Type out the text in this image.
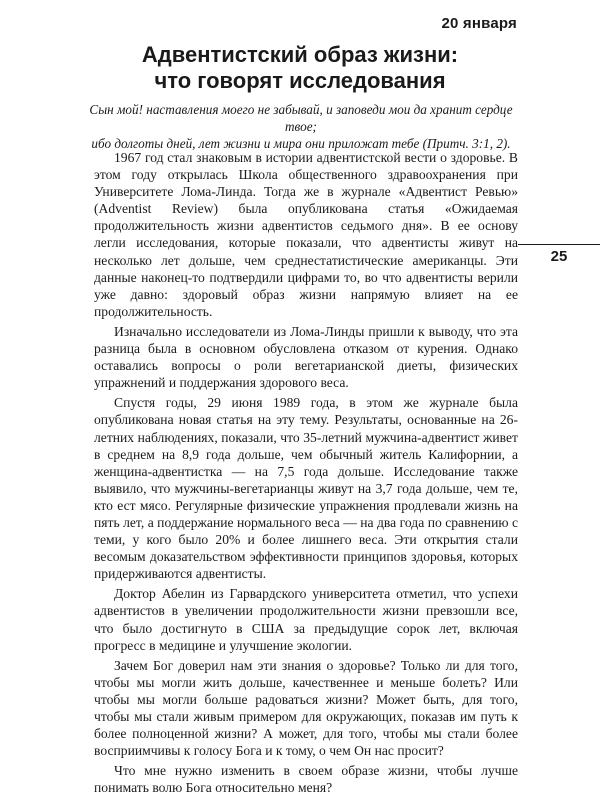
20 января
Адвентистский образ жизни:
что говорят исследования
Сын мой! наставления моего не забывай, и заповеди мои да хранит сердце твое;
ибо долготы дней, лет жизни и мира они приложат тебе (Притч. 3:1, 2).

1967 год стал знаковым в истории адвентистской вести о здоровье. В этом году открылась Школа общественного здравоохранения при Университете Лома-Линда. Тогда же в журнале «Адвентист Ревью» (Adventist Review) была опубликована статья «Ожидаемая продолжительность жизни адвентистов седьмого дня». В ее основу легли исследования, которые показали, что адвентисты живут на несколько лет дольше, чем среднестатистические американцы. Эти данные наконец-то подтвердили цифрами то, во что адвентисты верили уже давно: здоровый образ жизни напрямую влияет на ее продолжительность.

Изначально исследователи из Лома-Линды пришли к выводу, что эта разница была в основном обусловлена отказом от курения. Однако оставались вопросы о роли вегетарианской диеты, физических упражнений и поддержания здорового веса.

Спустя годы, 29 июня 1989 года, в этом же журнале была опубликована новая статья на эту тему. Результаты, основанные на 26-летних наблюдениях, показали, что 35-летний мужчина-адвентист живет в среднем на 8,9 года дольше, чем обычный житель Калифорнии, а женщина-адвентистка — на 7,5 года дольше. Исследование также выявило, что мужчины-вегетарианцы живут на 3,7 года дольше, чем те, кто ест мясо. Регулярные физические упражнения продлевали жизнь на пять лет, а поддержание нормального веса — на два года по сравнению с теми, у кого было 20% и более лишнего веса. Эти открытия стали весомым доказательством эффективности принципов здоровья, которых придерживаются адвентисты.

Доктор Абелин из Гарвардского университета отметил, что успехи адвентистов в увеличении продолжительности жизни превзошли все, что было достигнуто в США за предыдущие сорок лет, включая прогресс в медицине и улучшение экологии.

Зачем Бог доверил нам эти знания о здоровье? Только ли для того, чтобы мы могли жить дольше, качественнее и меньше болеть? Или чтобы мы могли больше радоваться жизни? Может быть, для того, чтобы мы стали живым примером для окружающих, показав им путь к более полноценной жизни? А может, для того, чтобы мы стали более восприимчивы к голосу Бога и к тому, о чем Он нас просит?

Что мне нужно изменить в своем образе жизни, чтобы лучше понимать волю Бога относительно меня?

25
